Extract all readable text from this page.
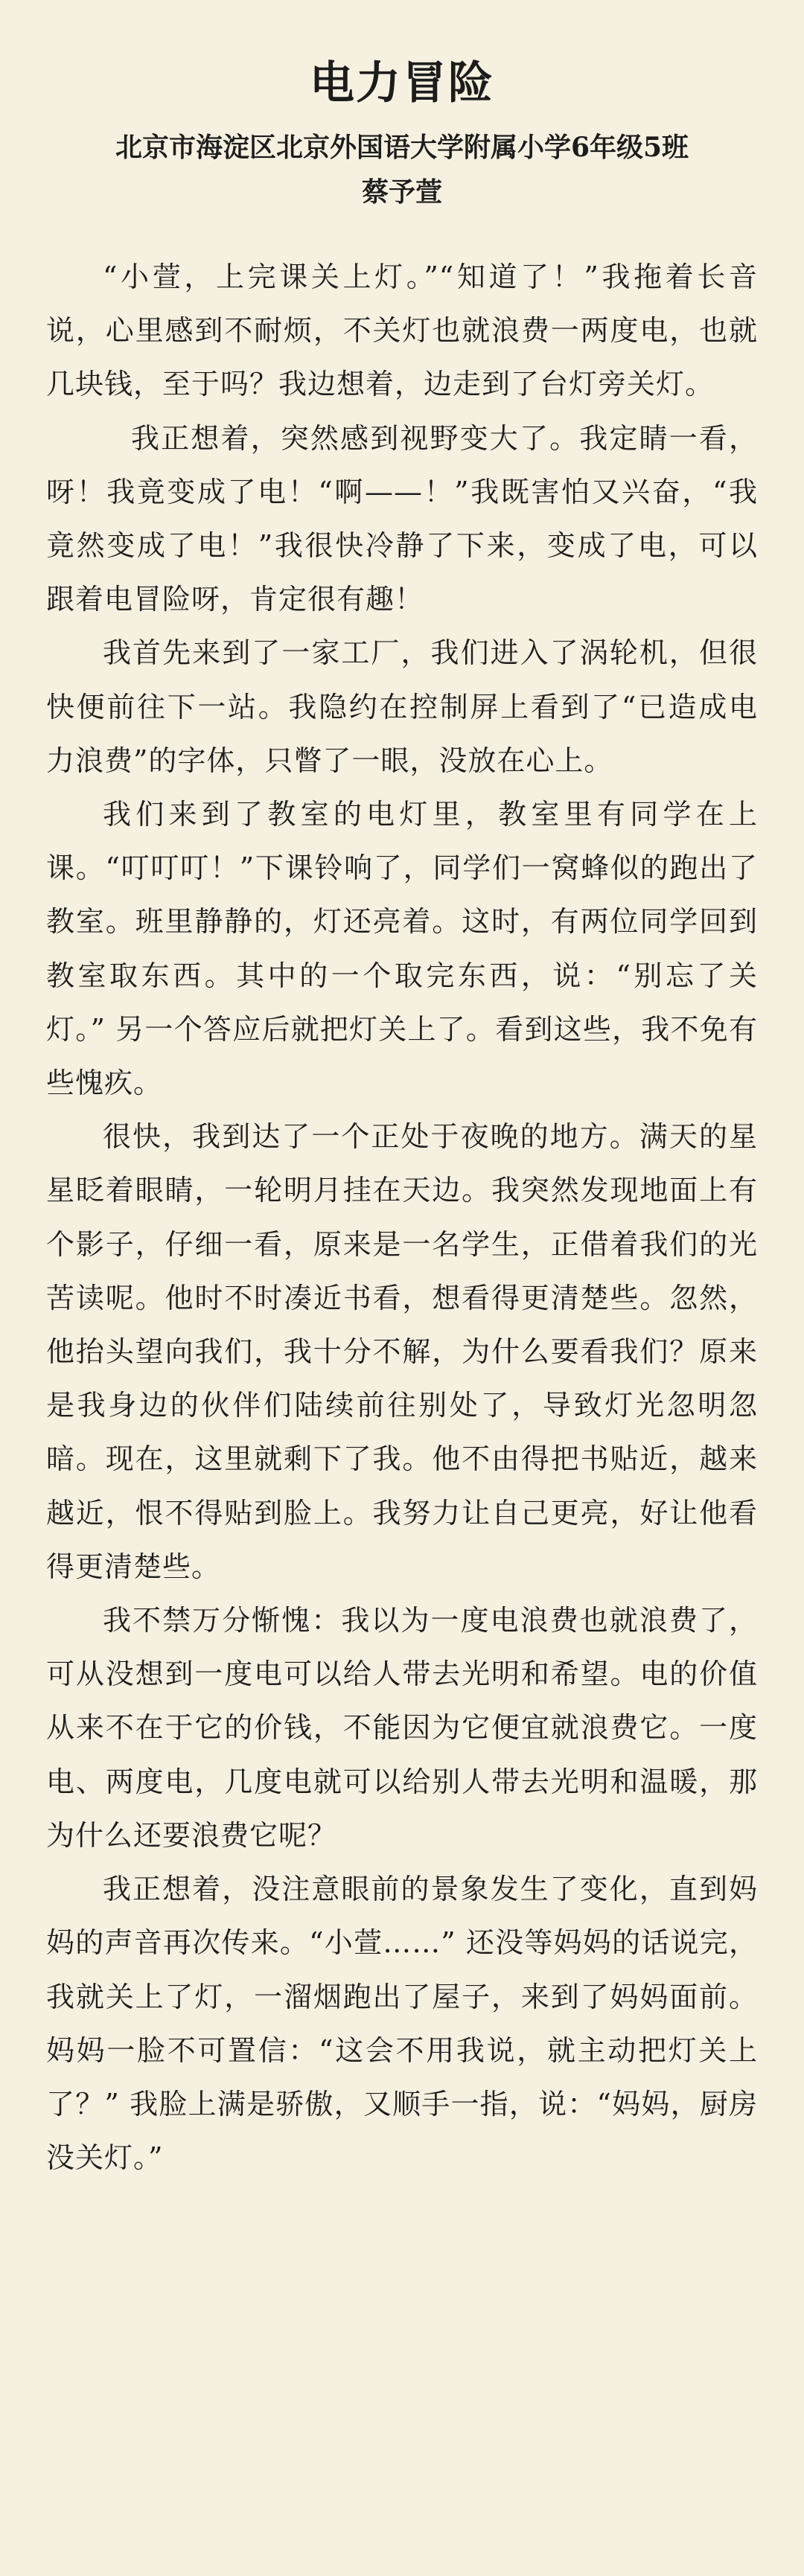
电力冒险
北京市海淀区北京外国语大学附属小学6年级5班
蔡予萱

“小萱，上完课关上灯。”“知道了！”我拖着长音说，心里感到不耐烦，不关灯也就浪费一两度电，也就几块钱，至于吗？我边想着，边走到了台灯旁关灯。

我正想着，突然感到视野变大了。我定睛一看，呀！我竟变成了电！“啊——！”我既害怕又兴奋，“我竟然变成了电！”我很快冷静了下来，变成了电，可以跟着电冒险呀，肯定很有趣！

我首先来到了一家工厂，我们进入了涡轮机，但很快便前往下一站。我隐约在控制屏上看到了“已造成电力浪费”的字体，只瞥了一眼，没放在心上。

我们来到了教室的电灯里，教室里有同学在上课。“叮叮叮！”下课铃响了，同学们一窝蜂似的跑出了教室。班里静静的，灯还亮着。这时，有两位同学回到教室取东西。其中的一个取完东西，说：“别忘了关灯。” 另一个答应后就把灯关上了。看到这些，我不免有些愧疚。

很快，我到达了一个正处于夜晚的地方。满天的星星眨着眼睛，一轮明月挂在天边。我突然发现地面上有个影子，仔细一看，原来是一名学生，正借着我们的光苦读呢。他时不时凑近书看，想看得更清楚些。忽然，他抬头望向我们，我十分不解，为什么要看我们？原来是我身边的伙伴们陆续前往别处了，导致灯光忽明忽暗。现在，这里就剩下了我。他不由得把书贴近，越来越近，恨不得贴到脸上。我努力让自己更亮，好让他看得更清楚些。

我不禁万分惭愧：我以为一度电浪费也就浪费了，可从没想到一度电可以给人带去光明和希望。电的价值从来不在于它的价钱，不能因为它便宜就浪费它。一度电、两度电，几度电就可以给别人带去光明和温暖，那为什么还要浪费它呢？

我正想着，没注意眼前的景象发生了变化，直到妈妈的声音再次传来。“小萱……” 还没等妈妈的话说完，我就关上了灯，一溜烟跑出了屋子，来到了妈妈面前。妈妈一脸不可置信：“这会不用我说，就主动把灯关上了？” 我脸上满是骄傲，又顺手一指，说：“妈妈，厨房没关灯。”
